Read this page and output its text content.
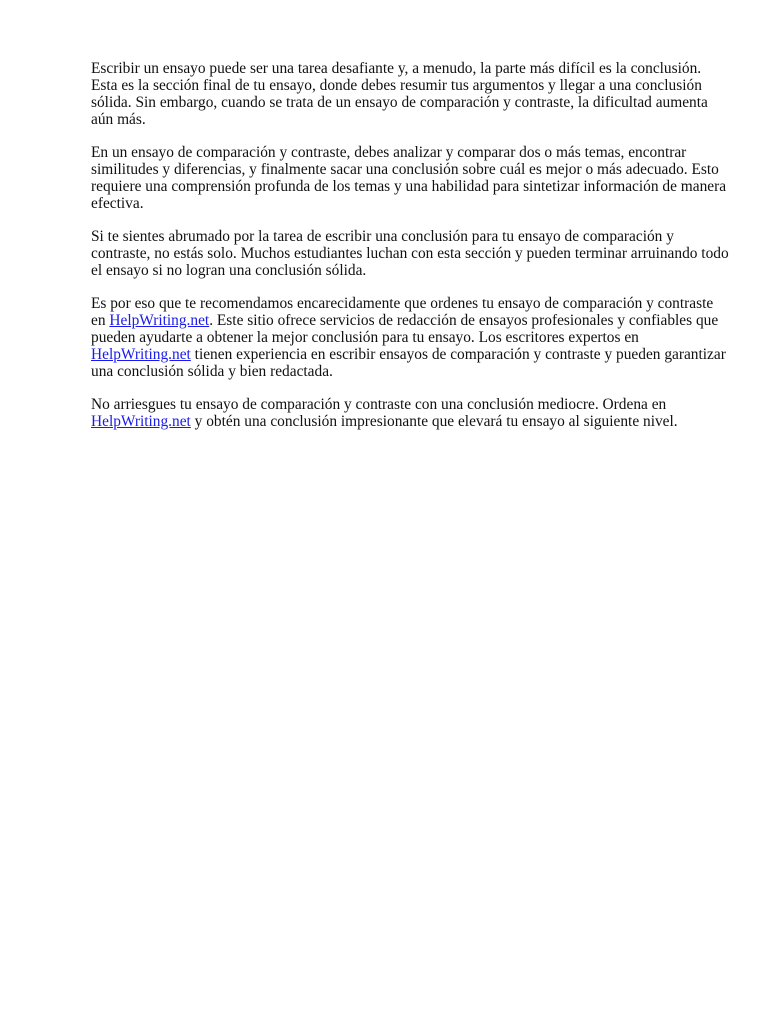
Escribir un ensayo puede ser una tarea desafiante y, a menudo, la parte más difícil es la conclusión. Esta es la sección final de tu ensayo, donde debes resumir tus argumentos y llegar a una conclusión sólida. Sin embargo, cuando se trata de un ensayo de comparación y contraste, la dificultad aumenta aún más.

En un ensayo de comparación y contraste, debes analizar y comparar dos o más temas, encontrar similitudes y diferencias, y finalmente sacar una conclusión sobre cuál es mejor o más adecuado. Esto requiere una comprensión profunda de los temas y una habilidad para sintetizar información de manera efectiva.

Si te sientes abrumado por la tarea de escribir una conclusión para tu ensayo de comparación y contraste, no estás solo. Muchos estudiantes luchan con esta sección y pueden terminar arruinando todo el ensayo si no logran una conclusión sólida.

Es por eso que te recomendamos encarecidamente que ordenes tu ensayo de comparación y contraste en HelpWriting.net. Este sitio ofrece servicios de redacción de ensayos profesionales y confiables que pueden ayudarte a obtener la mejor conclusión para tu ensayo. Los escritores expertos en HelpWriting.net tienen experiencia en escribir ensayos de comparación y contraste y pueden garantizar una conclusión sólida y bien redactada.

No arriesgues tu ensayo de comparación y contraste con una conclusión mediocre. Ordena en HelpWriting.net y obtén una conclusión impresionante que elevará tu ensayo al siguiente nivel.
